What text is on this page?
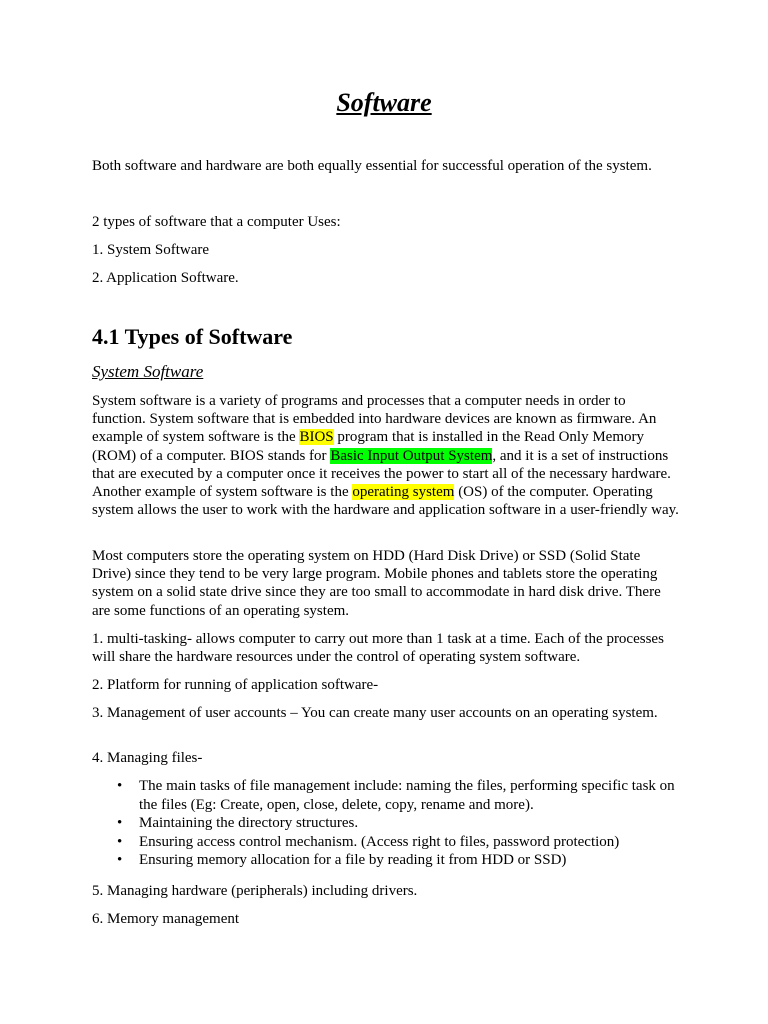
Software
Both software and hardware are both equally essential for successful operation of the system.
2 types of software that a computer Uses:
1. System Software
2. Application Software.
4.1 Types of Software
System Software
System software is a variety of programs and processes that a computer needs in order to function. System software that is embedded into hardware devices are known as firmware. An example of system software is the BIOS program that is installed in the Read Only Memory (ROM) of a computer. BIOS stands for Basic Input Output System, and it is a set of instructions that are executed by a computer once it receives the power to start all of the necessary hardware. Another example of system software is the operating system (OS) of the computer. Operating system allows the user to work with the hardware and application software in a user-friendly way.
Most computers store the operating system on HDD (Hard Disk Drive) or SSD (Solid State Drive) since they tend to be very large program. Mobile phones and tablets store the operating system on a solid state drive since they are too small to accommodate in hard disk drive. There are some functions of an operating system.
1. multi-tasking- allows computer to carry out more than 1 task at a time. Each of the processes will share the hardware resources under the control of operating system software.
2. Platform for running of application software-
3. Management of user accounts – You can create many user accounts on an operating system.
4. Managing files-
• The main tasks of file management include: naming the files, performing specific task on the files (Eg: Create, open, close, delete, copy, rename and more).
• Maintaining the directory structures.
• Ensuring access control mechanism. (Access right to files, password protection)
• Ensuring memory allocation for a file by reading it from HDD or SSD)
5. Managing hardware (peripherals) including drivers.
6. Memory management
